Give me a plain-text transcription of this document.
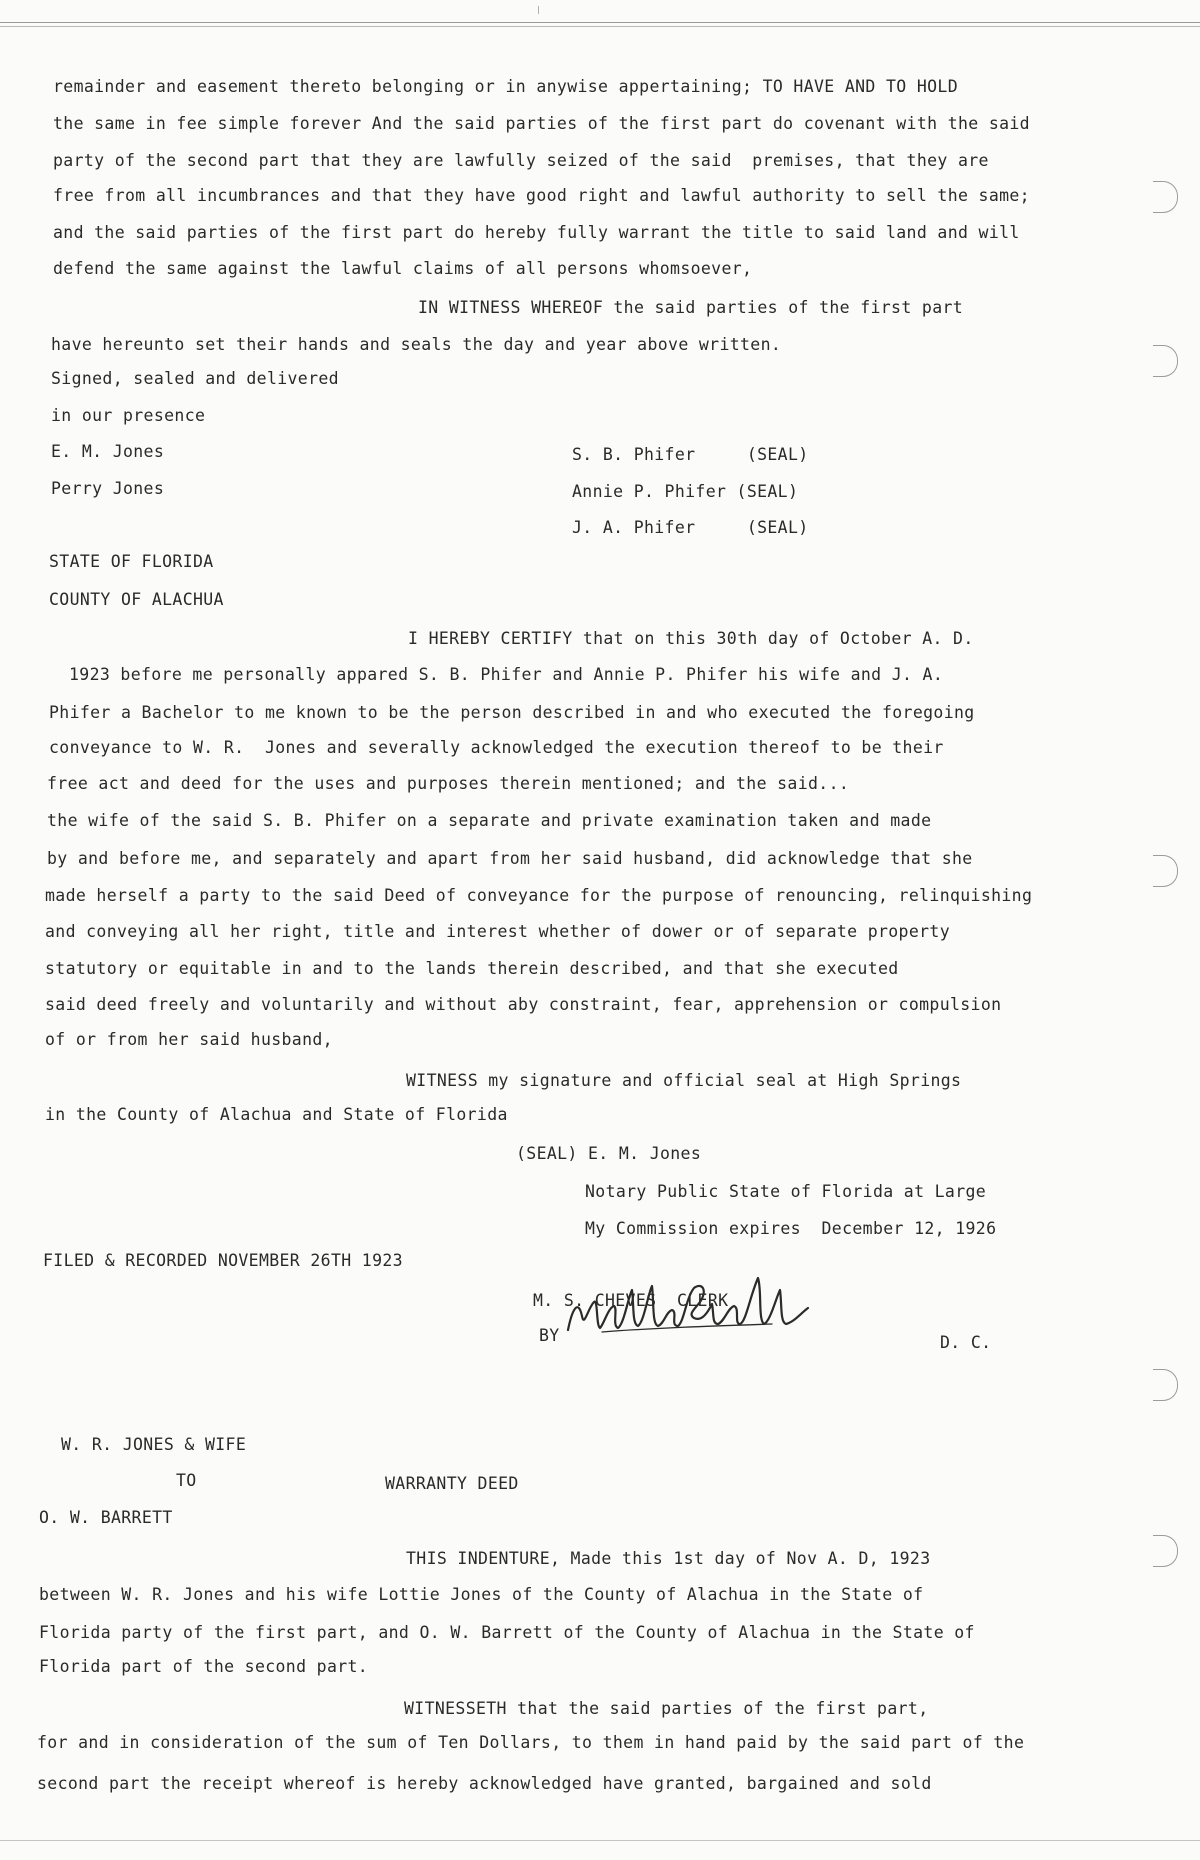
remainder and easement thereto belonging or in anywise appertaining; TO HAVE AND TO HOLD
the same in fee simple forever And the said parties of the first part do covenant with the said
party of the second part that they are lawfully seized of the said  premises, that they are
free from all incumbrances and that they have good right and lawful authority to sell the same;
and the said parties of the first part do hereby fully warrant the title to said land and will
defend the same against the lawful claims of all persons whomsoever,
IN WITNESS WHEREOF the said parties of the first part
have hereunto set their hands and seals the day and year above written.
Signed, sealed and delivered
in our presence
E. M. Jones
Perry Jones
S. B. Phifer     (SEAL)
Annie P. Phifer (SEAL)
J. A. Phifer     (SEAL)
STATE OF FLORIDA
COUNTY OF ALACHUA
I HEREBY CERTIFY that on this 30th day of October A. D.
1923 before me personally appared S. B. Phifer and Annie P. Phifer his wife and J. A.
Phifer a Bachelor to me known to be the person described in and who executed the foregoing
conveyance to W. R.  Jones and severally acknowledged the execution thereof to be their
free act and deed for the uses and purposes therein mentioned; and the said...
the wife of the said S. B. Phifer on a separate and private examination taken and made
by and before me, and separately and apart from her said husband, did acknowledge that she
made herself a party to the said Deed of conveyance for the purpose of renouncing, relinquishing
and conveying all her right, title and interest whether of dower or of separate property
statutory or equitable in and to the lands therein described, and that she executed
said deed freely and voluntarily and without aby constraint, fear, apprehension or compulsion
of or from her said husband,
WITNESS my signature and official seal at High Springs
in the County of Alachua and State of Florida
(SEAL) E. M. Jones
Notary Public State of Florida at Large
My Commission expires  December 12, 1926
FILED & RECORDED NOVEMBER 26TH 1923
M. S. CHEVES  CLERK
BY	D. C.
W. R. JONES & WIFE
TO	WARRANTY DEED
O. W. BARRETT
THIS INDENTURE, Made this 1st day of Nov A. D, 1923
between W. R. Jones and his wife Lottie Jones of the County of Alachua in the State of
Florida party of the first part, and O. W. Barrett of the County of Alachua in the State of
Florida part of the second part.
WITNESSETH that the said parties of the first part,
for and in consideration of the sum of Ten Dollars, to them in hand paid by the said part of the
second part the receipt whereof is hereby acknowledged have granted, bargained and sold
